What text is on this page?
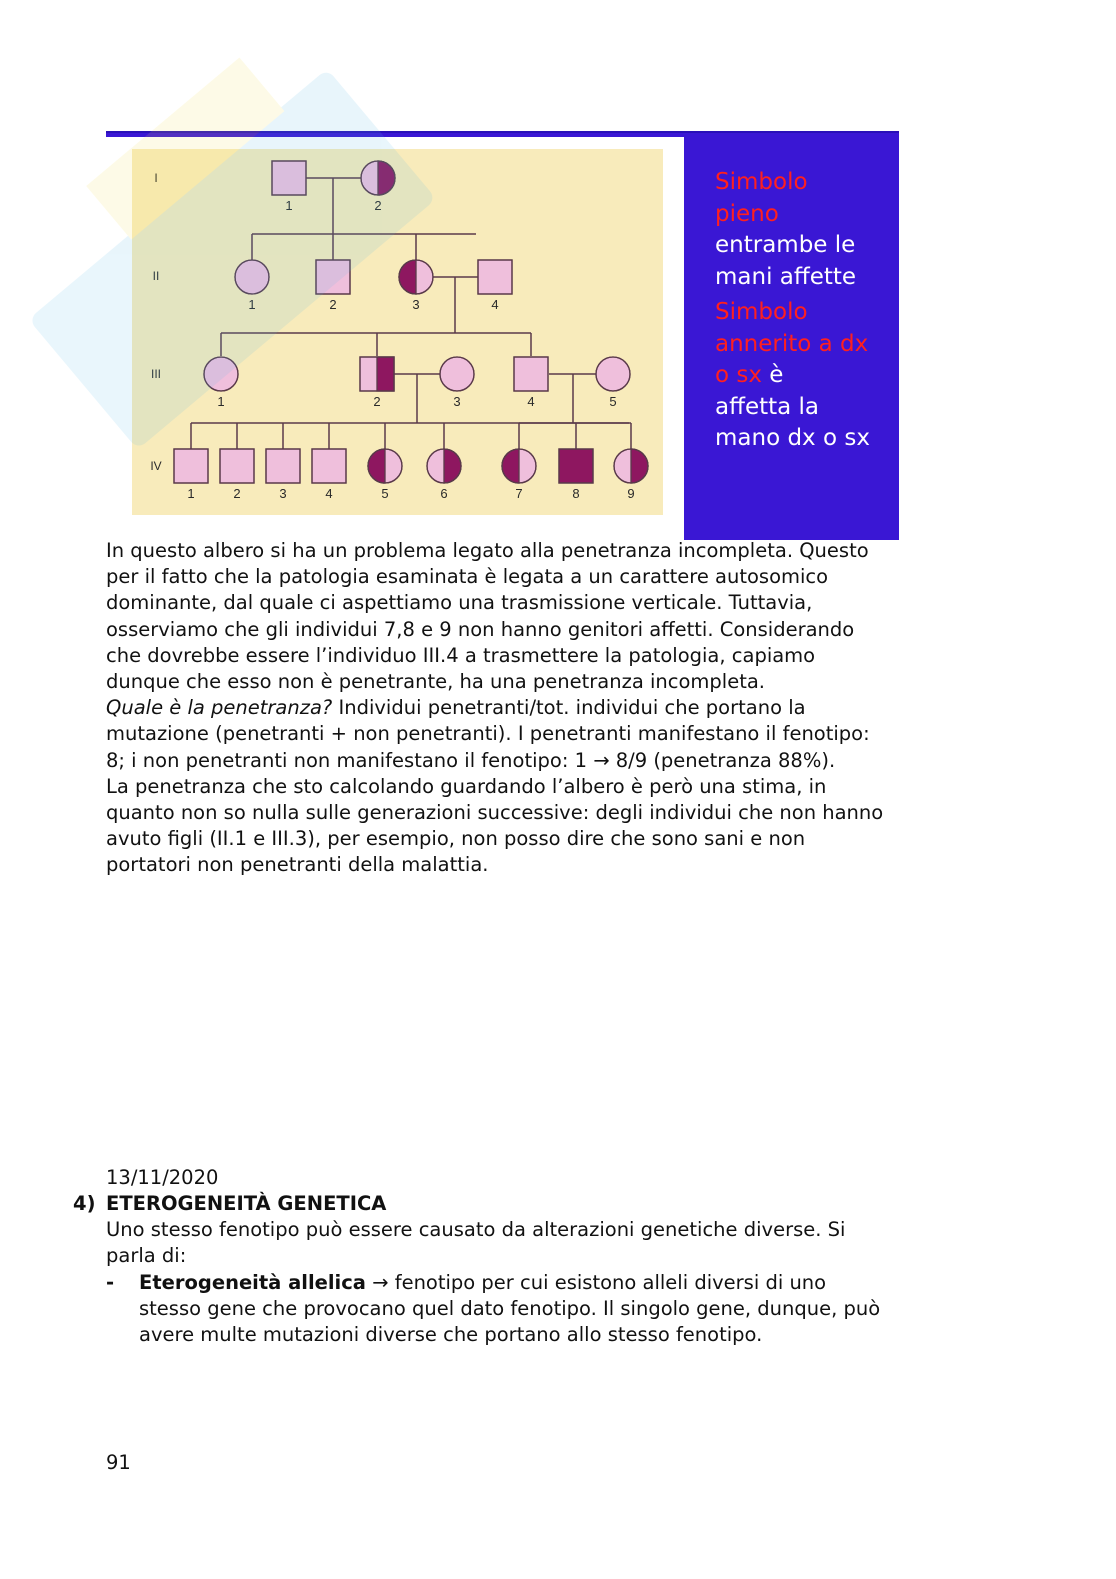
1	2
1	2	3	4
1	2	3	4	5
1	2	3	4	5	6	7	8	9
I
II
III
IV
Simbolo
pieno
entrambe le
mani affette
Simbolo
annerito a dx
o sx è
affetta la
mano dx o sx
In questo albero si ha un problema legato alla penetranza incompleta. Questo
per il fatto che la patologia esaminata è legata a un carattere autosomico
dominante, dal quale ci aspettiamo una trasmissione verticale. Tuttavia,
osserviamo che gli individui 7,8 e 9 non hanno genitori affetti. Considerando
che dovrebbe essere l’individuo III.4 a trasmettere la patologia, capiamo
dunque che esso non è penetrante, ha una penetranza incompleta.
Quale è la penetranza? Individui penetranti/tot. individui che portano la
mutazione (penetranti + non penetranti). I penetranti manifestano il fenotipo:
8; i non penetranti non manifestano il fenotipo: 1 → 8/9 (penetranza 88%).
La penetranza che sto calcolando guardando l’albero è però una stima, in
quanto non so nulla sulle generazioni successive: degli individui che non hanno
avuto figli (II.1 e III.3), per esempio, non posso dire che sono sani e non
portatori non penetranti della malattia.
13/11/2020
4) ETEROGENEITÀ GENETICA
Uno stesso fenotipo può essere causato da alterazioni genetiche diverse. Si
parla di:
- Eterogeneità allelica → fenotipo per cui esistono alleli diversi di uno
stesso gene che provocano quel dato fenotipo. Il singolo gene, dunque, può
avere multe mutazioni diverse che portano allo stesso fenotipo.
91
